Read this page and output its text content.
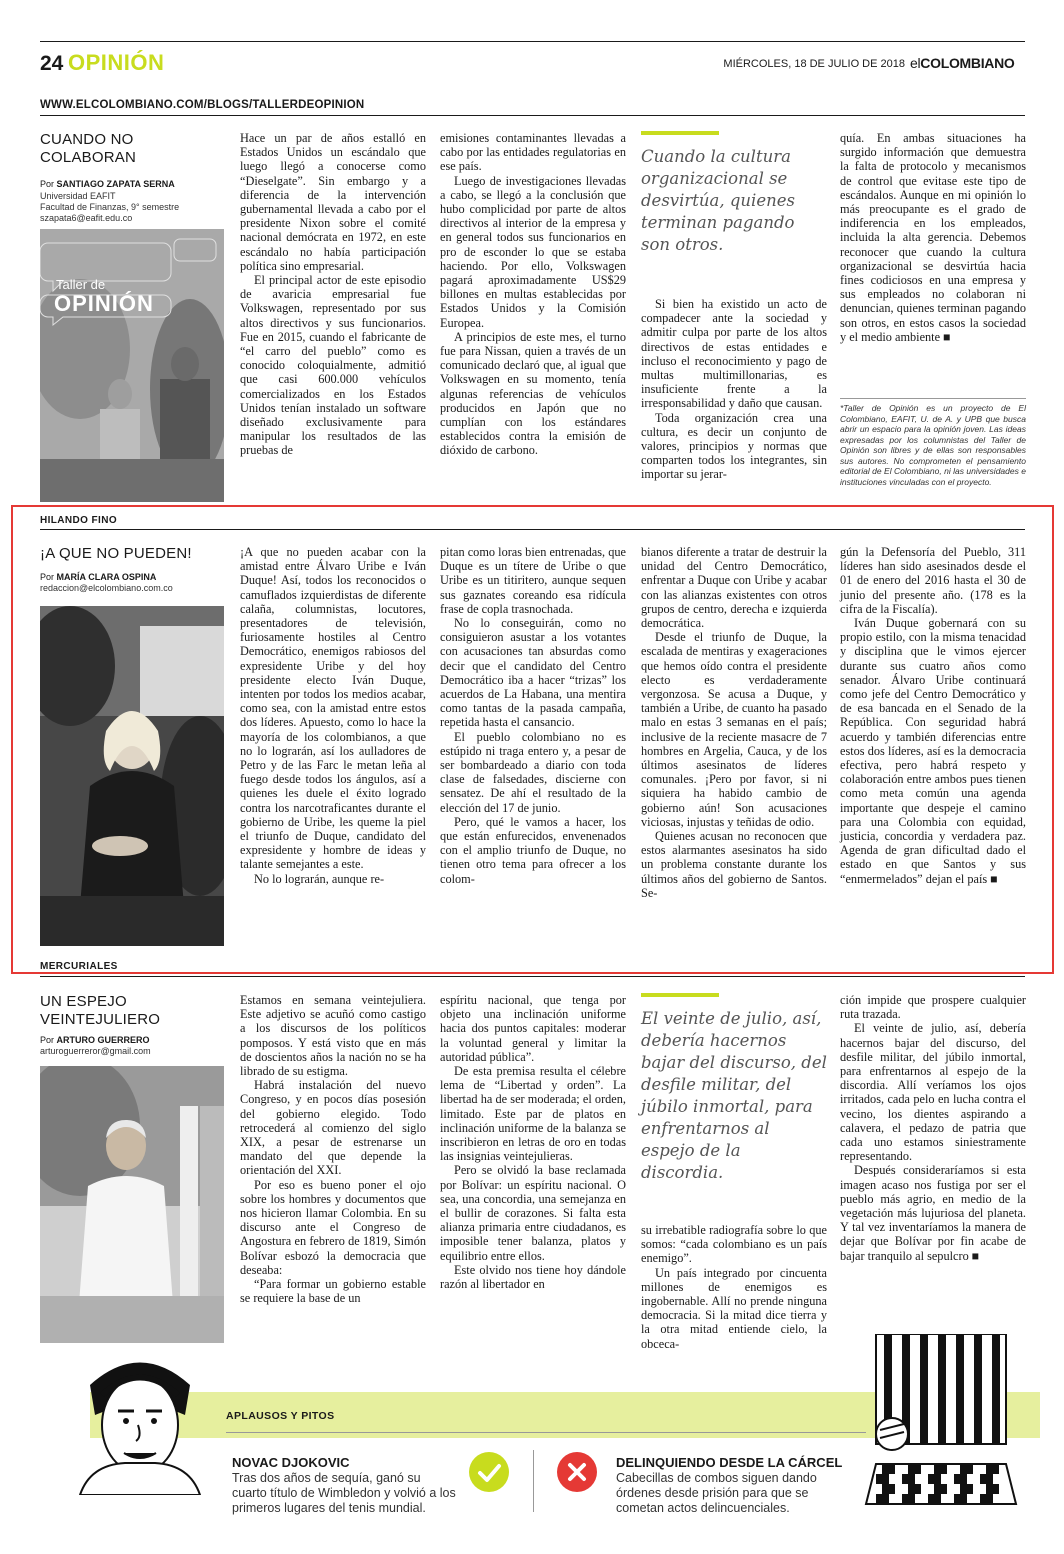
24 OPINIÓN	MIÉRCOLES, 18 DE JULIO DE 2018 elCOLOMBIANO
WWW.ELCOLOMBIANO.COM/BLOGS/TALLERDEOPINION
CUANDO NO
COLABORAN
Por SANTIAGO ZAPATA SERNA
Universidad EAFIT
Facultad de Finanzas, 9° semestre
szapata6@eafit.edu.co
Taller de
OPINIÓN

Hace un par de años estalló en Estados Unidos un escándalo que luego llegó a conocerse como “Dieselgate”. Sin embargo y a diferencia de la intervención gubernamental llevada a cabo por el presidente Nixon sobre el comité nacional demócrata en 1972, en este escándalo no había participación política sino empresarial.

El principal actor de este episodio de avaricia empresarial fue Volkswagen, representado por sus altos directivos y sus funcionarios. Fue en 2015, cuando el fabricante de “el carro del pueblo” como es conocido coloquialmente, admitió que casi 600.000 vehículos comercializados en los Estados Unidos tenían instalado un software diseñado exclusivamente para manipular los resultados de las pruebas de

emisiones contaminantes llevadas a cabo por las entidades regulatorias en ese país.

Luego de investigaciones llevadas a cabo, se llegó a la conclusión que hubo complicidad por parte de altos directivos al interior de la empresa y en general todos sus funcionarios en pro de esconder lo que se estaba haciendo. Por ello, Volkswagen pagará aproximadamente US$29 billones en multas establecidas por Estados Unidos y la Comisión Europea.

A principios de este mes, el turno fue para Nissan, quien a través de un comunicado declaró que, al igual que Volkswagen en su momento, tenía algunas referencias de vehículos producidos en Japón que no cumplían con los estándares establecidos contra la emisión de dióxido de carbono.

Cuando la cultura organizacional se desvirtúa, quienes terminan pagando son otros.

Si bien ha existido un acto de compadecer ante la sociedad y admitir culpa por parte de los altos directivos de estas entidades e incluso el reconocimiento y pago de multas multimillonarias, es insuficiente frente a la irresponsabilidad y daño que causan.

Toda organización crea una cultura, es decir un conjunto de valores, principios y normas que comparten todos los integrantes, sin importar su jerar-

quía. En ambas situaciones ha surgido información que demuestra la falta de protocolo y mecanismos de control que evitase este tipo de escándalos. Aunque en mi opinión lo más preocupante es el grado de indiferencia en los empleados, incluida la alta gerencia. Debemos reconocer que cuando la cultura organizacional se desvirtúa hacia fines codiciosos en una empresa y sus empleados no colaboran ni denuncian, quienes terminan pagando son otros, en estos casos la sociedad y el medio ambiente ■

*Taller de Opinión es un proyecto de El Colombiano, EAFIT, U. de A. y UPB que busca abrir un espacio para la opinión joven. Las ideas expresadas por los columnistas del Taller de Opinión son libres y de ellas son responsables sus autores. No comprometen el pensamiento editorial de El Colombiano, ni las universidades e instituciones vinculadas con el proyecto.
HILANDO FINO
¡A QUE NO PUEDEN!
Por MARÍA CLARA OSPINA
redaccion@elcolombiano.com.co

¡A que no pueden acabar con la amistad entre Álvaro Uribe e Iván Duque! Así, todos los reconocidos o camuflados izquierdistas de diferente calaña, columnistas, locutores, presentadores de televisión, furiosamente hostiles al Centro Democrático, enemigos rabiosos del expresidente Uribe y del hoy presidente electo Iván Duque, intenten por todos los medios acabar, como sea, con la amistad entre estos dos líderes. Apuesto, como lo hace la mayoría de los colombianos, a que no lo lograrán, así los aulladores de Petro y de las Farc le metan leña al fuego desde todos los ángulos, así a quienes les duele el éxito logrado contra los narcotraficantes durante el gobierno de Uribe, les queme la piel el triunfo de Duque, candidato del expresidente y hombre de ideas y talante semejantes a este.

No lo lograrán, aunque re-

pitan como loras bien entrenadas, que Duque es un títere de Uribe o que Uribe es un titiritero, aunque sequen sus gaznates coreando esa ridícula frase de copla trasnochada.

No lo conseguirán, como no consiguieron asustar a los votantes con acusaciones tan absurdas como decir que el candidato del Centro Democrático iba a hacer “trizas” los acuerdos de La Habana, una mentira como tantas de la pasada campaña, repetida hasta el cansancio.

El pueblo colombiano no es estúpido ni traga entero y, a pesar de ser bombardeado a diario con toda clase de falsedades, discierne con sensatez. De ahí el resultado de la elección del 17 de junio.

Pero, qué le vamos a hacer, los que están enfurecidos, envenenados con el amplio triunfo de Duque, no tienen otro tema para ofrecer a los colom-

bianos diferente a tratar de destruir la unidad del Centro Democrático, enfrentar a Duque con Uribe y acabar con las alianzas existentes con otros grupos de centro, derecha e izquierda democrática.

Desde el triunfo de Duque, la escalada de mentiras y exageraciones que hemos oído contra el presidente electo es verdaderamente vergonzosa. Se acusa a Duque, y también a Uribe, de cuanto ha pasado malo en estas 3 semanas en el país; inclusive de la reciente masacre de 7 hombres en Argelia, Cauca, y de los últimos asesinatos de líderes comunales. ¡Pero por favor, si ni siquiera ha habido cambio de gobierno aún! Son acusaciones viciosas, injustas y teñidas de odio.

Quienes acusan no reconocen que estos alarmantes asesinatos ha sido un problema constante durante los últimos años del gobierno de Santos. Se-

gún la Defensoría del Pueblo, 311 líderes han sido asesinados desde el 01 de enero del 2016 hasta el 30 de junio del presente año. (178 es la cifra de la Fiscalía).

Iván Duque gobernará con su propio estilo, con la misma tenacidad y disciplina que le vimos ejercer durante sus cuatro años como senador. Álvaro Uribe continuará como jefe del Centro Democrático y de esa bancada en el Senado de la República. Con seguridad habrá acuerdo y también diferencias entre estos dos líderes, así es la democracia efectiva, pero habrá respeto y colaboración entre ambos pues tienen como meta común una agenda importante que despeje el camino para una Colombia con equidad, justicia, concordia y verdadera paz. Agenda de gran dificultad dado el estado en que Santos y sus “enmermelados” dejan el país ■

MERCURIALES
UN ESPEJO
VEINTEJULIERO
Por ARTURO GUERRERO
arturoguerreror@gmail.com

Estamos en semana veintejuliera. Este adjetivo se acuñó como castigo a los discursos de los políticos pomposos. Y está visto que en más de doscientos años la nación no se ha librado de su estigma.

Habrá instalación del nuevo Congreso, y en pocos días posesión del gobierno elegido. Todo retrocederá al comienzo del siglo XIX, a pesar de estrenarse un mandato del que depende la orientación del XXI.

Por eso es bueno poner el ojo sobre los hombres y documentos que nos hicieron llamar Colombia. En su discurso ante el Congreso de Angostura en febrero de 1819, Simón Bolívar esbozó la democracia que deseaba:

“Para formar un gobierno estable se requiere la base de un

espíritu nacional, que tenga por objeto una inclinación uniforme hacia dos puntos capitales: moderar la voluntad general y limitar la autoridad pública”.

De esta premisa resulta el célebre lema de “Libertad y orden”. La libertad ha de ser moderada; el orden, limitado. Este par de platos en inclinación uniforme de la balanza se inscribieron en letras de oro en todas las insignias veintejulieras.

Pero se olvidó la base reclamada por Bolívar: un espíritu nacional. O sea, una concordia, una semejanza en el bullir de corazones. Si falta esta alianza primaria entre ciudadanos, es imposible tener balanza, platos y equilibrio entre ellos.

Este olvido nos tiene hoy dándole razón al libertador en

El veinte de julio, así, debería hacernos bajar del discurso, del desfile militar, del júbilo inmortal, para enfrentarnos al espejo de la discordia.

su irrebatible radiografía sobre lo que somos: “cada colombiano es un país enemigo”.

Un país integrado por cincuenta millones de enemigos es ingobernable. Allí no prende ninguna democracia. Si la mitad dice tierra y la otra mitad entiende cielo, la obceca-

ción impide que prospere cualquier ruta trazada.

El veinte de julio, así, debería hacernos bajar del discurso, del desfile militar, del júbilo inmortal, para enfrentarnos al espejo de la discordia. Allí veríamos los ojos irritados, cada pelo en lucha contra el vecino, los dientes aspirando a calavera, el pedazo de patria que cada uno estamos siniestramente representando.

Después consideraríamos si esta imagen acaso nos fustiga por ser el pueblo más agrio, en medio de la vegetación más lujuriosa del planeta. Y tal vez inventaríamos la manera de dejar que Bolívar por fin acabe de bajar tranquilo al sepulcro ■

APLAUSOS Y PITOS
NOVAC DJOKOVIC
Tras dos años de sequía, ganó su cuarto título de Wimbledon y volvió a los primeros lugares del tenis mundial.
DELINQUIENDO DESDE LA CÁRCEL
Cabecillas de combos siguen dando órdenes desde prisión para que se cometan actos delincuenciales.
